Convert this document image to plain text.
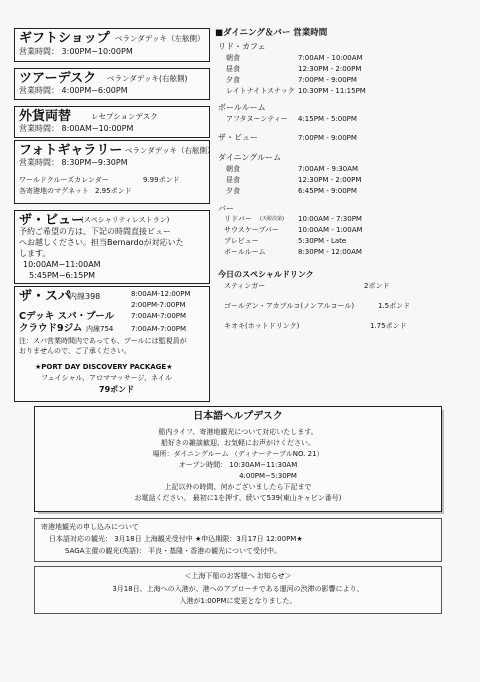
ギフトショップ ベランダデッキ（左舷側）
営業時間： 3:00PM−10:00PM
ツアーデスク ベランダデッキ(右舷側)
営業時間： 4:00PM−6:00PM
外貨両替	レセプションデスク
営業時間： 8:00AM−10:00PM
フォトギャラリー ベランダデッキ（右舷側）
営業時間： 8:30PM−9:30PM
ワールドクルーズカレンダー	9.99ポンド
各寄港地のマグネット 2.95ポンド
ザ・ビュー
(スペシャリティレストラン)
予約ご希望の方は、下記の時間直接ビュー
へお越しください。担当Bernardoが対応いた
します。
10:00AM−11:00AM
5:45PM−6:15PM
ザ・スパ
内線398	8:00AM-12:00PM
2:00PM-7:00PM
Cデッキ スパ・プール 7:00AM-7:00PM
クラウド9ジム 内線754	7:00AM-7:00PM
注：スパ営業時間内であっても、プールには監視員が
おりませんので、ご了承ください。
★PORT DAY DISCOVERY PACKAGE★
フェイシャル、アロママッサージ、ネイル
79ポンド
■ダイニング＆バー 営業時間
リド・カフェ
朝食	7:00AM - 10:00AM
昼食	12:30PM - 2:00PM
夕食	7:00PM - 9:00PM
レイトナイトスナック 10:30PM - 11:15PM
ボールルーム
アフタヌーンティー 4:15PM - 5:00PM
ザ・ビュー	7:00PM - 9:00PM
ダイニングルーム
朝食	7:00AM - 9:30AM
昼食	12:30PM - 2:00PM
夕食	6:45PM - 9:00PM
バー
リドバー (天候次第) 10:00AM - 7:30PM
サウスケープバー	10:00AM - 1:00AM
プレビュー	5:30PM - Late
ボールルーム	8:30PM - 12:00AM
今日のスペシャルドリンク
スティンガー	2ポンド
ゴールデン・アカプルコ(ノンアルコール)	1.5ポンド
キオキ(ホットドリンク)	1.75ポンド
日本語ヘルプデスク
船内ライフ、寄港地観光について対応いたします。
船好きの雑談歓迎、お気軽にお声がけください。
場所：ダイニングルーム （ディナーテーブルNO. 21）
オープン時間： 10:30AM−11:30AM
4:00PM−5:30PM
上記以外の時間、何かございましたら下記まで
お電話ください。 最初に1を押す、続いて539(東山キャビン番号)
寄港地観光の申し込みについて
日本語対応の観光： 3月18日 上海観光受付中 ★申込期限：3月17日 12:00PM★
SAGA主催の観光(英語)： 平良・基隆・香港の観光について受付中。
＜上海下船のお客様へ お知らせ＞
3月18日、上海への入港が、港へのアプローチである運河の渋滞の影響により、
入港が1:00PMに変更となりました。
